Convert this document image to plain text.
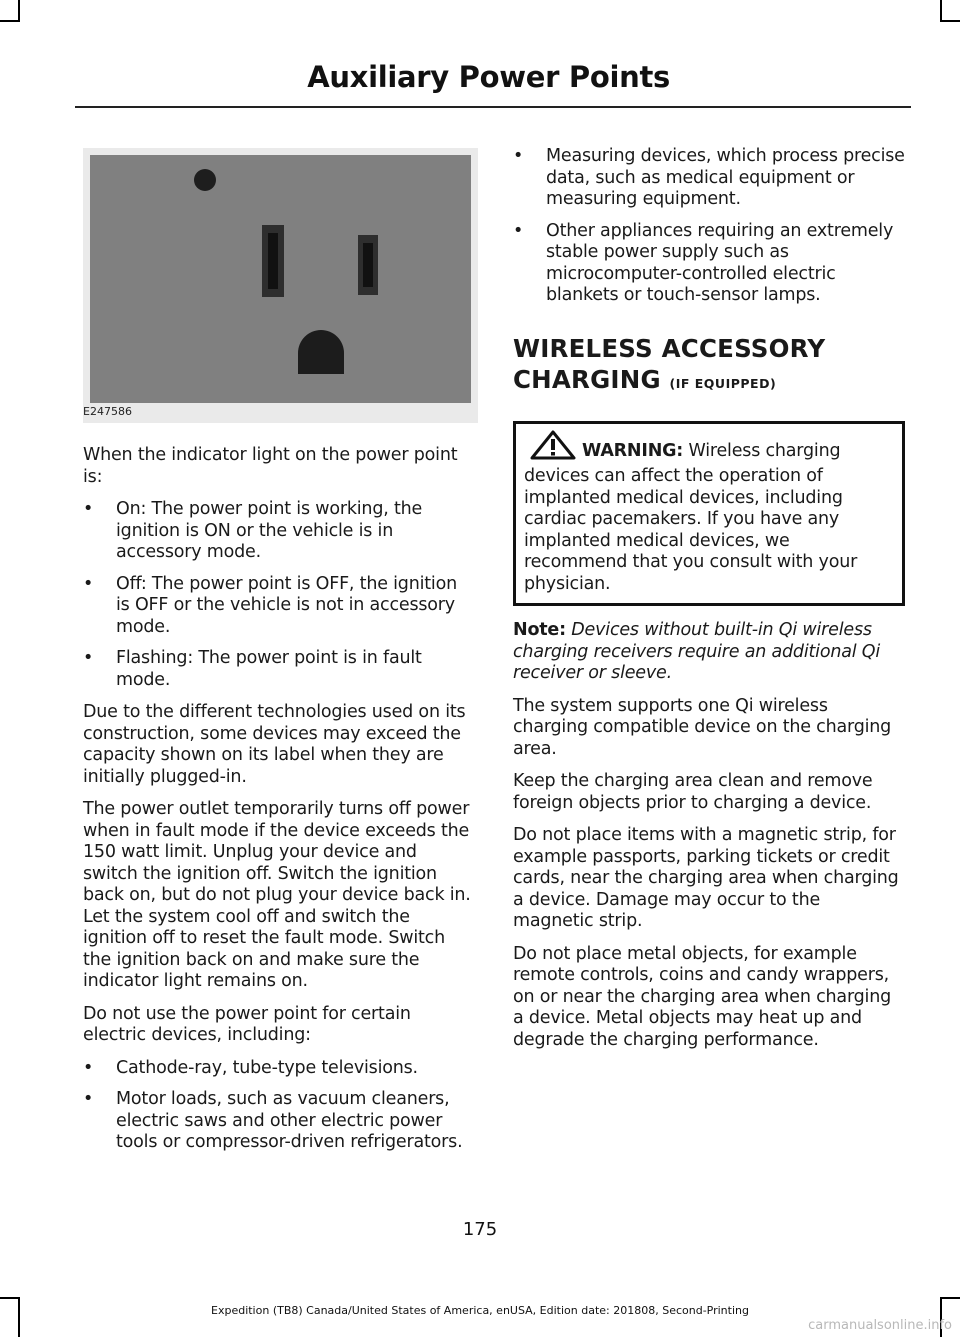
Auxiliary Power Points
E247586

When the indicator light on the power point is:

• On: The power point is working, the ignition is ON or the vehicle is in accessory mode.
• Off: The power point is OFF, the ignition is OFF or the vehicle is not in accessory mode.
• Flashing: The power point is in fault mode.

Due to the different technologies used on its construction, some devices may exceed the capacity shown on its label when they are initially plugged-in.

The power outlet temporarily turns off power when in fault mode if the device exceeds the 150 watt limit. Unplug your device and switch the ignition off. Switch the ignition back on, but do not plug your device back in. Let the system cool off and switch the ignition off to reset the fault mode. Switch the ignition back on and make sure the indicator light remains on.

Do not use the power point for certain electric devices, including:

• Cathode-ray, tube-type televisions.
• Motor loads, such as vacuum cleaners, electric saws and other electric power tools or compressor-driven refrigerators.
• Measuring devices, which process precise data, such as medical equipment or measuring equipment.
• Other appliances requiring an extremely stable power supply such as microcomputer-controlled electric blankets or touch-sensor lamps.
WIRELESS ACCESSORY
CHARGING (IF EQUIPPED)
WARNING: Wireless charging devices can affect the operation of implanted medical devices, including cardiac pacemakers. If you have any implanted medical devices, we recommend that you consult with your physician.

Note: Devices without built-in Qi wireless charging receivers require an additional Qi receiver or sleeve.

The system supports one Qi wireless charging compatible device on the charging area.

Keep the charging area clean and remove foreign objects prior to charging a device.

Do not place items with a magnetic strip, for example passports, parking tickets or credit cards, near the charging area when charging a device. Damage may occur to the magnetic strip.

Do not place metal objects, for example remote controls, coins and candy wrappers, on or near the charging area when charging a device. Metal objects may heat up and degrade the charging performance.

175
Expedition (TB8) Canada/United States of America, enUSA, Edition date: 201808, Second-Printing
carmanualsonline.info
